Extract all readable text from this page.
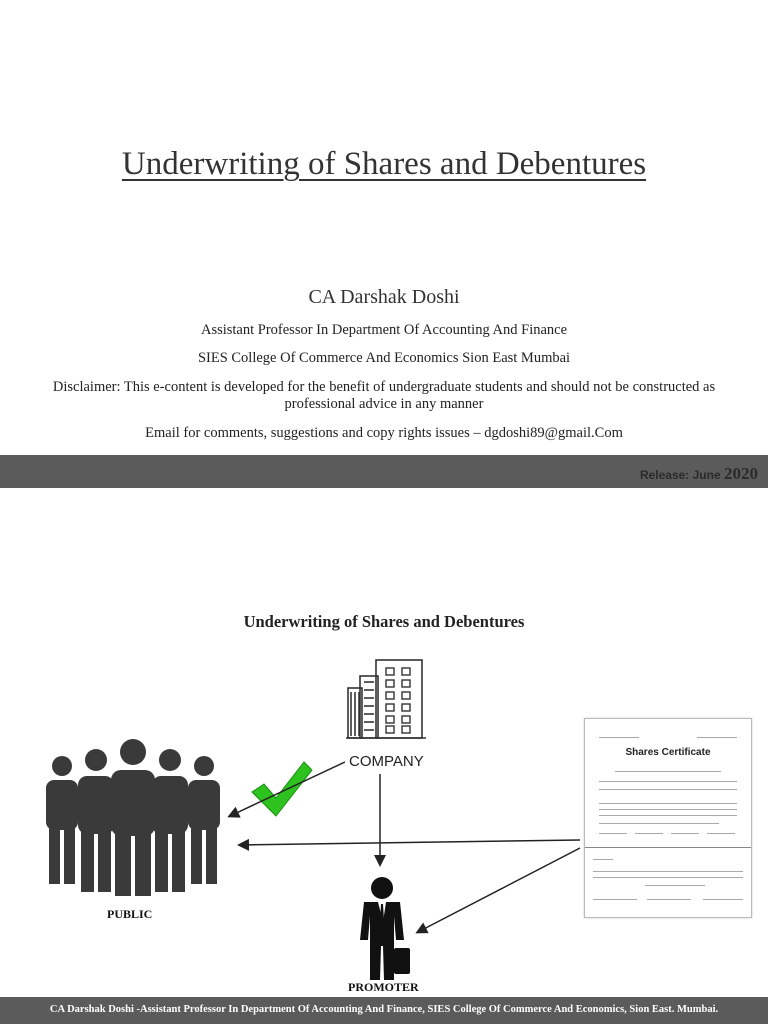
Underwriting of Shares and Debentures
CA Darshak Doshi
Assistant Professor In Department Of Accounting And Finance
SIES College Of Commerce And Economics Sion East Mumbai
Disclaimer: This e-content is developed for the benefit of undergraduate students and should not be constructed as professional advice in any manner
Email for comments, suggestions and copy rights issues – dgdoshi89@gmail.Com
Release: June 2020
Underwriting of Shares and Debentures
COMPANY
PUBLIC
PROMOTER
Shares Certificate
CA Darshak Doshi -Assistant Professor In Department Of Accounting And Finance, SIES College Of Commerce And Economics, Sion East. Mumbai.
